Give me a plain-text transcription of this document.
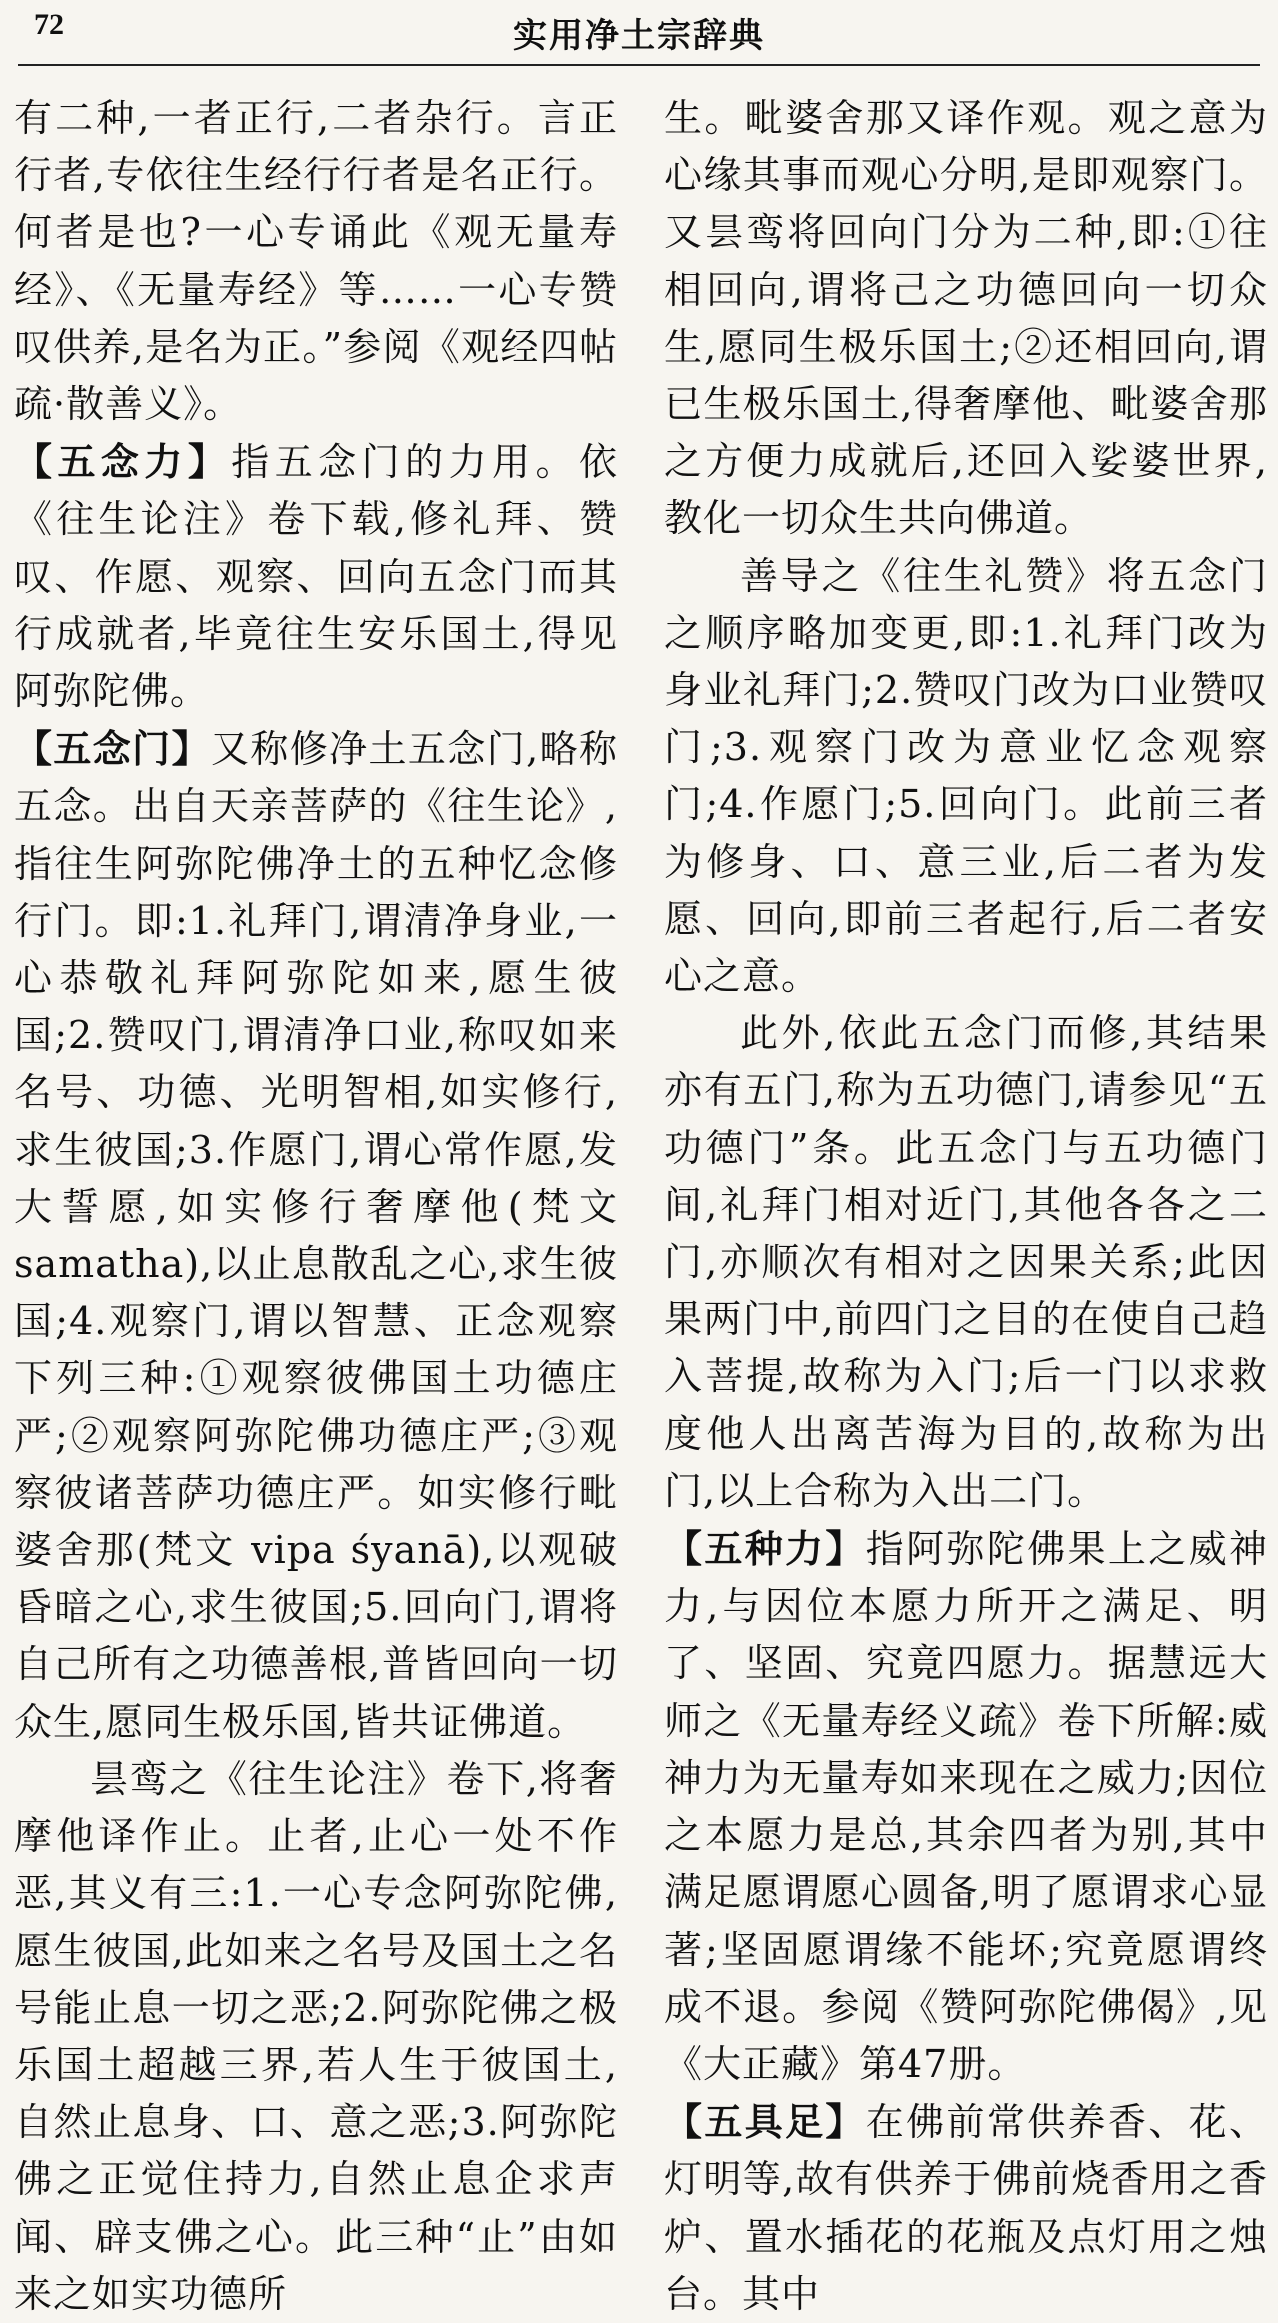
72	实用净土宗辞典

有二种,一者正行,二者杂行。言正行者,专依往生经行行者是名正行。何者是也?一心专诵此《观无量寿经》、《无量寿经》等……一心专赞叹供养,是名为正。”参阅《观经四帖疏·散善义》。

【五念力】指五念门的力用。依《往生论注》卷下载,修礼拜、赞叹、作愿、观察、回向五念门而其行成就者,毕竟往生安乐国土,得见阿弥陀佛。

【五念门】又称修净土五念门,略称五念。出自天亲菩萨的《往生论》,指往生阿弥陀佛净土的五种忆念修行门。即:1.礼拜门,谓清净身业,一心恭敬礼拜阿弥陀如来,愿生彼国;2.赞叹门,谓清净口业,称叹如来名号、功德、光明智相,如实修行,求生彼国;3.作愿门,谓心常作愿,发大誓愿,如实修行奢摩他(梵文 samatha),以止息散乱之心,求生彼国;4.观察门,谓以智慧、正念观察下列三种:①观察彼佛国土功德庄严;②观察阿弥陀佛功德庄严;③观察彼诸菩萨功德庄严。如实修行毗婆舍那(梵文 vipa śyanā),以观破昏暗之心,求生彼国;5.回向门,谓将自己所有之功德善根,普皆回向一切众生,愿同生极乐国,皆共证佛道。

昙鸾之《往生论注》卷下,将奢摩他译作止。止者,止心一处不作恶,其义有三:1.一心专念阿弥陀佛,愿生彼国,此如来之名号及国土之名号能止息一切之恶;2.阿弥陀佛之极乐国土超越三界,若人生于彼国土,自然止息身、口、意之恶;3.阿弥陀佛之正觉住持力,自然止息企求声闻、辟支佛之心。此三种“止”由如来之如实功德所

生。毗婆舍那又译作观。观之意为心缘其事而观心分明,是即观察门。又昙鸾将回向门分为二种,即:①往相回向,谓将己之功德回向一切众生,愿同生极乐国土;②还相回向,谓已生极乐国土,得奢摩他、毗婆舍那之方便力成就后,还回入娑婆世界,教化一切众生共向佛道。

善导之《往生礼赞》将五念门之顺序略加变更,即:1.礼拜门改为身业礼拜门;2.赞叹门改为口业赞叹门;3.观察门改为意业忆念观察门;4.作愿门;5.回向门。此前三者为修身、口、意三业,后二者为发愿、回向,即前三者起行,后二者安心之意。

此外,依此五念门而修,其结果亦有五门,称为五功德门,请参见“五功德门”条。此五念门与五功德门间,礼拜门相对近门,其他各各之二门,亦顺次有相对之因果关系;此因果两门中,前四门之目的在使自己趋入菩提,故称为入门;后一门以求救度他人出离苦海为目的,故称为出门,以上合称为入出二门。

【五种力】指阿弥陀佛果上之威神力,与因位本愿力所开之满足、明了、坚固、究竟四愿力。据慧远大师之《无量寿经义疏》卷下所解:威神力为无量寿如来现在之威力;因位之本愿力是总,其余四者为别,其中满足愿谓愿心圆备,明了愿谓求心显著;坚固愿谓缘不能坏;究竟愿谓终成不退。参阅《赞阿弥陀佛偈》,见《大正藏》第47册。

【五具足】在佛前常供养香、花、灯明等,故有供养于佛前烧香用之香炉、置水插花的花瓶及点灯用之烛台。其中
